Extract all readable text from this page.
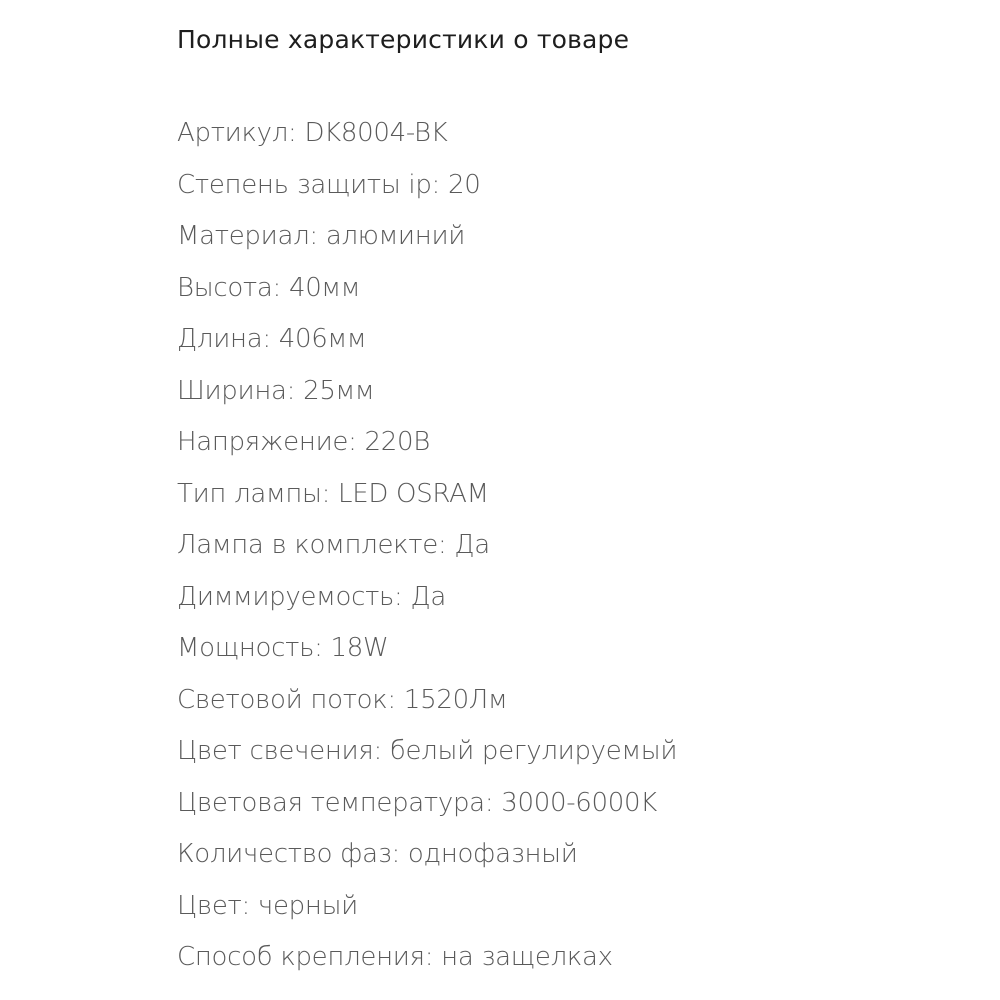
Полные характеристики о товаре
Артикул: DK8004-BK
Степень защиты ip: 20
Материал: алюминий
Высота: 40мм
Длина: 406мм
Ширина: 25мм
Напряжение: 220В
Тип лампы: LED OSRAM
Лампа в комплекте: Да
Диммируемость: Да
Мощность: 18W
Световой поток: 1520Лм
Цвет свечения: белый регулируемый
Цветовая температура: 3000-6000K
Количество фаз: однофазный
Цвет: черный
Способ крепления: на защелках
